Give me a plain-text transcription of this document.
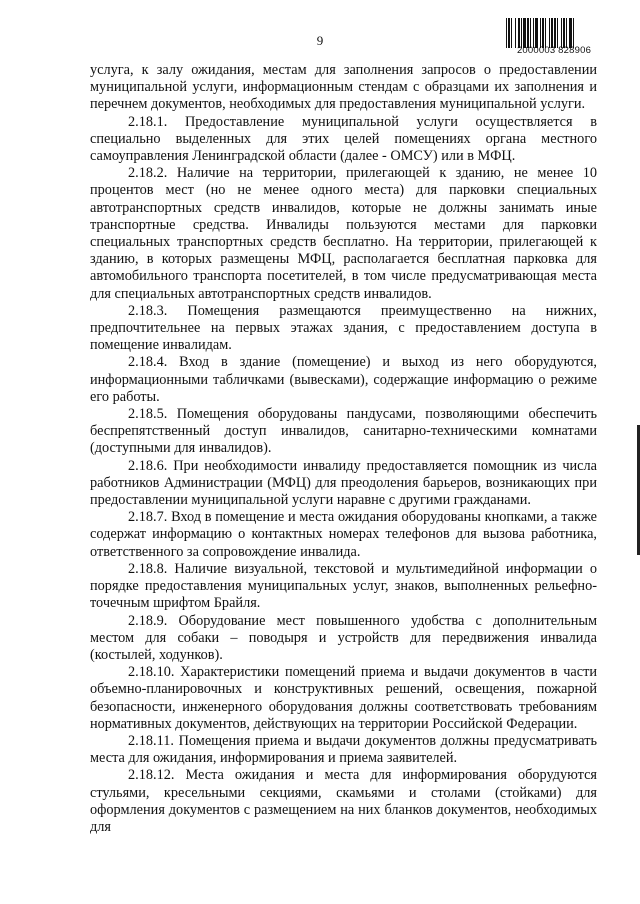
9
2000003 828906

услуга, к залу ожидания, местам для заполнения запросов о предоставлении муниципальной услуги, информационным стендам с образцами их заполнения и перечнем документов, необходимых для предоставления муниципальной услуги.

2.18.1. Предоставление муниципальной услуги осуществляется в специально выделенных для этих целей помещениях органа местного самоуправления Ленинградской области (далее - ОМСУ) или в МФЦ.

2.18.2. Наличие на территории, прилегающей к зданию, не менее 10 процентов мест (но не менее одного места) для парковки специальных автотранспортных средств инвалидов, которые не должны занимать иные транспортные средства. Инвалиды пользуются местами для парковки специальных транспортных средств бесплатно. На территории, прилегающей к зданию, в которых размещены МФЦ, располагается бесплатная парковка для автомобильного транспорта посетителей, в том числе предусматривающая места для специальных автотранспортных средств инвалидов.

2.18.3. Помещения размещаются преимущественно на нижних, предпочтительнее на первых этажах здания, с предоставлением доступа в помещение инвалидам.

2.18.4. Вход в здание (помещение) и выход из него оборудуются, информационными табличками (вывесками), содержащие информацию о режиме его работы.

2.18.5. Помещения оборудованы пандусами, позволяющими обеспечить беспрепятственный доступ инвалидов, санитарно-техническими комнатами (доступными для инвалидов).

2.18.6. При необходимости инвалиду предоставляется помощник из числа работников Администрации (МФЦ) для преодоления барьеров, возникающих при предоставлении муниципальной услуги наравне с другими гражданами.

2.18.7. Вход в помещение и места ожидания оборудованы кнопками, а также содержат информацию о контактных номерах телефонов для вызова работника, ответственного за сопровождение инвалида.

2.18.8. Наличие визуальной, текстовой и мультимедийной информации о порядке предоставления муниципальных услуг, знаков, выполненных рельефно-точечным шрифтом Брайля.

2.18.9. Оборудование мест повышенного удобства с дополнительным местом для собаки – поводыря и устройств для передвижения инвалида (костылей, ходунков).

2.18.10. Характеристики помещений приема и выдачи документов в части объемно-планировочных и конструктивных решений, освещения, пожарной безопасности, инженерного оборудования должны соответствовать требованиям нормативных документов, действующих на территории Российской Федерации.

2.18.11. Помещения приема и выдачи документов должны предусматривать места для ожидания, информирования и приема заявителей.

2.18.12. Места ожидания и места для информирования оборудуются стульями, кресельными секциями, скамьями и столами (стойками) для оформления документов с размещением на них бланков документов, необходимых для
